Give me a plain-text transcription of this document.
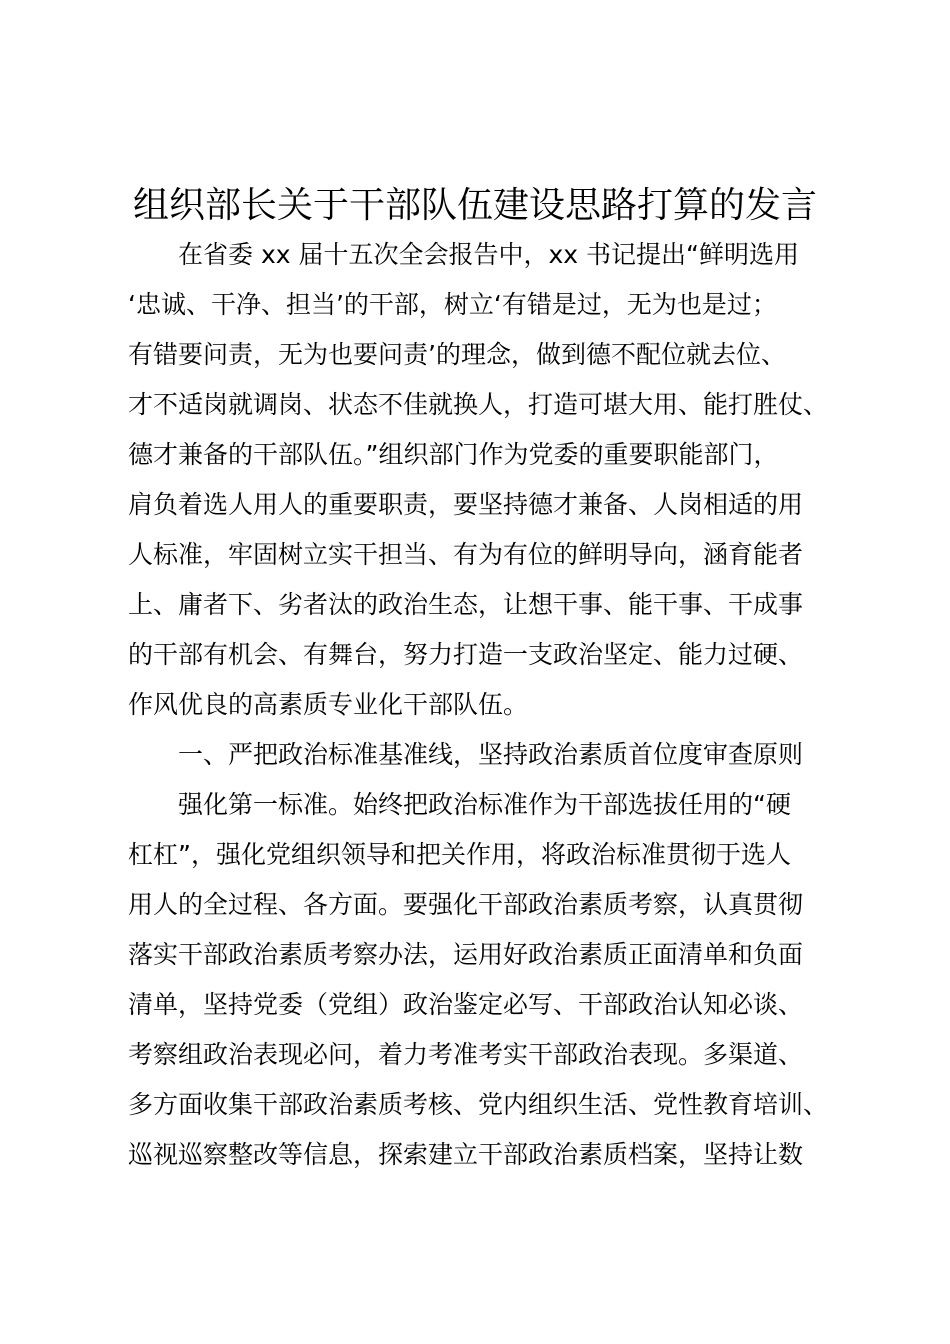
组织部长关于干部队伍建设思路打算的发言
在省委 xx 届十五次全会报告中，xx 书记提出“鲜明选用
‘忠诚、干净、担当’的干部，树立‘有错是过，无为也是过；
有错要问责，无为也要问责’的理念，做到德不配位就去位、
才不适岗就调岗、状态不佳就换人，打造可堪大用、能打胜仗、
德才兼备的干部队伍。”组织部门作为党委的重要职能部门，
肩负着选人用人的重要职责，要坚持德才兼备、人岗相适的用
人标准，牢固树立实干担当、有为有位的鲜明导向，涵育能者
上、庸者下、劣者汰的政治生态，让想干事、能干事、干成事
的干部有机会、有舞台，努力打造一支政治坚定、能力过硬、
作风优良的高素质专业化干部队伍。
一、严把政治标准基准线，坚持政治素质首位度审查原则
强化第一标准。始终把政治标准作为干部选拔任用的“硬
杠杠”，强化党组织领导和把关作用，将政治标准贯彻于选人
用人的全过程、各方面。要强化干部政治素质考察，认真贯彻
落实干部政治素质考察办法，运用好政治素质正面清单和负面
清单，坚持党委（党组）政治鉴定必写、干部政治认知必谈、
考察组政治表现必问，着力考准考实干部政治表现。多渠道、
多方面收集干部政治素质考核、党内组织生活、党性教育培训、
巡视巡察整改等信息，探索建立干部政治素质档案，坚持让数
